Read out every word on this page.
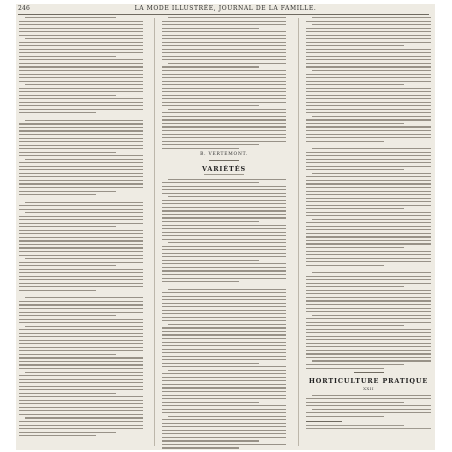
246	LA MODE ILLUSTRÉE, JOURNAL DE LA FAMILLE.
B. VERTEMONT.
VARIÉTÉS
HORTICULTURE PRATIQUE
XXII
